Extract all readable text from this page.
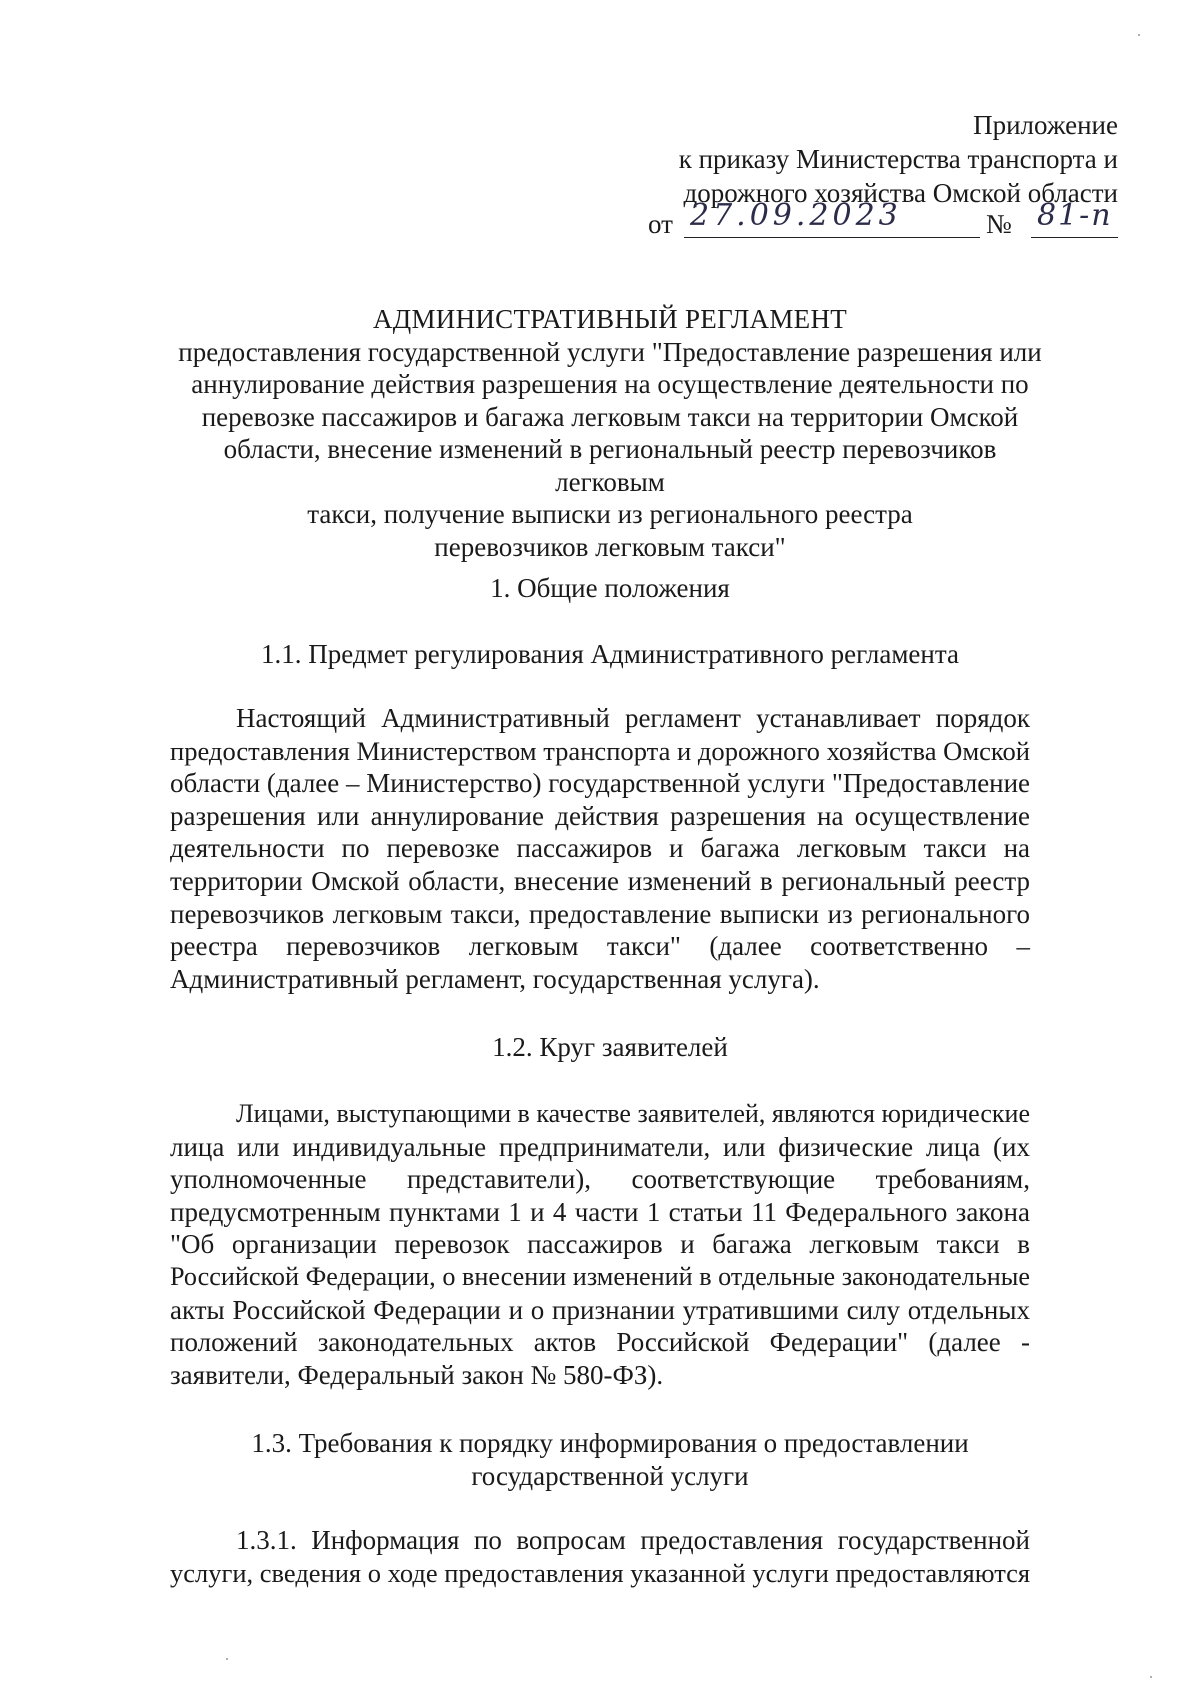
Приложение
к приказу Министерства транспорта и
дорожного хозяйства Омской области
от 27.09.2023	№ 81-п
АДМИНИСТРАТИВНЫЙ РЕГЛАМЕНТ
предоставления государственной услуги "Предоставление разрешения или
аннулирование действия разрешения на осуществление деятельности по
перевозке пассажиров и багажа легковым такси на территории Омской
области, внесение изменений в региональный реестр перевозчиков легковым
такси, получение выписки из регионального реестра
перевозчиков легковым такси"
1. Общие положения
1.1. Предмет регулирования Административного регламента
Настоящий Административный регламент устанавливает порядок
предоставления Министерством транспорта и дорожного хозяйства Омской
области (далее – Министерство) государственной услуги "Предоставление
разрешения или аннулирование действия разрешения на осуществление
деятельности по перевозке пассажиров и багажа легковым такси на
территории Омской области, внесение изменений в региональный реестр
перевозчиков легковым такси, предоставление выписки из регионального
реестра перевозчиков легковым такси" (далее соответственно –
Административный регламент, государственная услуга).
1.2. Круг заявителей
Лицами, выступающими в качестве заявителей, являются юридические
лица или индивидуальные предприниматели, или физические лица (их
уполномоченные представители), соответствующие требованиям,
предусмотренным пунктами 1 и 4 части 1 статьи 11 Федерального закона
"Об организации перевозок пассажиров и багажа легковым такси в
Российской Федерации, о внесении изменений в отдельные законодательные
акты Российской Федерации и о признании утратившими силу отдельных
положений законодательных актов Российской Федерации" (далее -
заявители, Федеральный закон № 580-ФЗ).
1.3. Требования к порядку информирования о предоставлении
государственной услуги
1.3.1. Информация по вопросам предоставления государственной
услуги, сведения о ходе предоставления указанной услуги предоставляются
